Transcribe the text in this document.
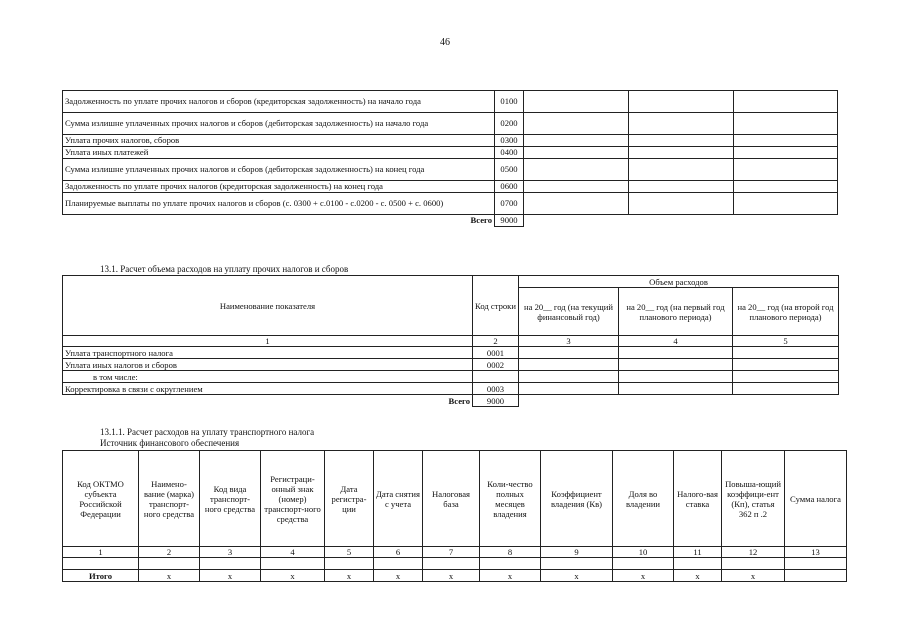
46
Задолженность по уплате прочих налогов и сборов (кредиторская задолженность) на начало года	0100			
Сумма излишне уплаченных прочих налогов и сборов (дебиторская задолженность) на начало года	0200			
Уплата прочих налогов, сборов	0300			
Уплата иных платежей	0400			
Сумма излишне уплаченных прочих налогов и сборов (дебиторская задолженность) на конец года	0500			
Задолженность по уплате прочих налогов (кредиторская задолженность) на конец года	0600			
Планируемые выплаты по уплате прочих налогов и сборов (с. 0300 + с.0100 - с.0200 - с. 0500 + с. 0600)	0700			
Всего	9000			
13.1. Расчет объема расходов на уплату прочих налогов и сборов
Наименование показателя	Код строки	Объем расходов		
		на 20__ год (на текущий финансовый год)	на 20__ год (на первый год планового периода)	на 20__ год (на второй год планового периода)
1	2	3	4	5
Уплата транспортного налога	0001			
Уплата иных налогов и сборов	0002			
в том числе:				
Корректировка в связи с округлением	0003			
Всего	9000			
13.1.1. Расчет расходов на уплату транспортного налога
Источник финансового обеспечения
Код ОКТМО субъекта Российской Федерации	Наимено-вание (марка) транспорт-ного средства	Код вида транспорт-ного средства	Регистраци-онный знак (номер) транспорт-ного средства	Дата регистра-ции	Дата снятия с учета	Налоговая база	Коли-чество полных месяцев владения	Коэффициент владения (Кв)	Доля во владении	Налого-вая ставка	Повыша-ющий коэффици-ент (Кп), статья 362 п .2	Сумма налога
1	2	3	4	5	6	7	8	9	10	11	12	13

Итого	x	x	x	x	x	x	x	x	x	x	x	
